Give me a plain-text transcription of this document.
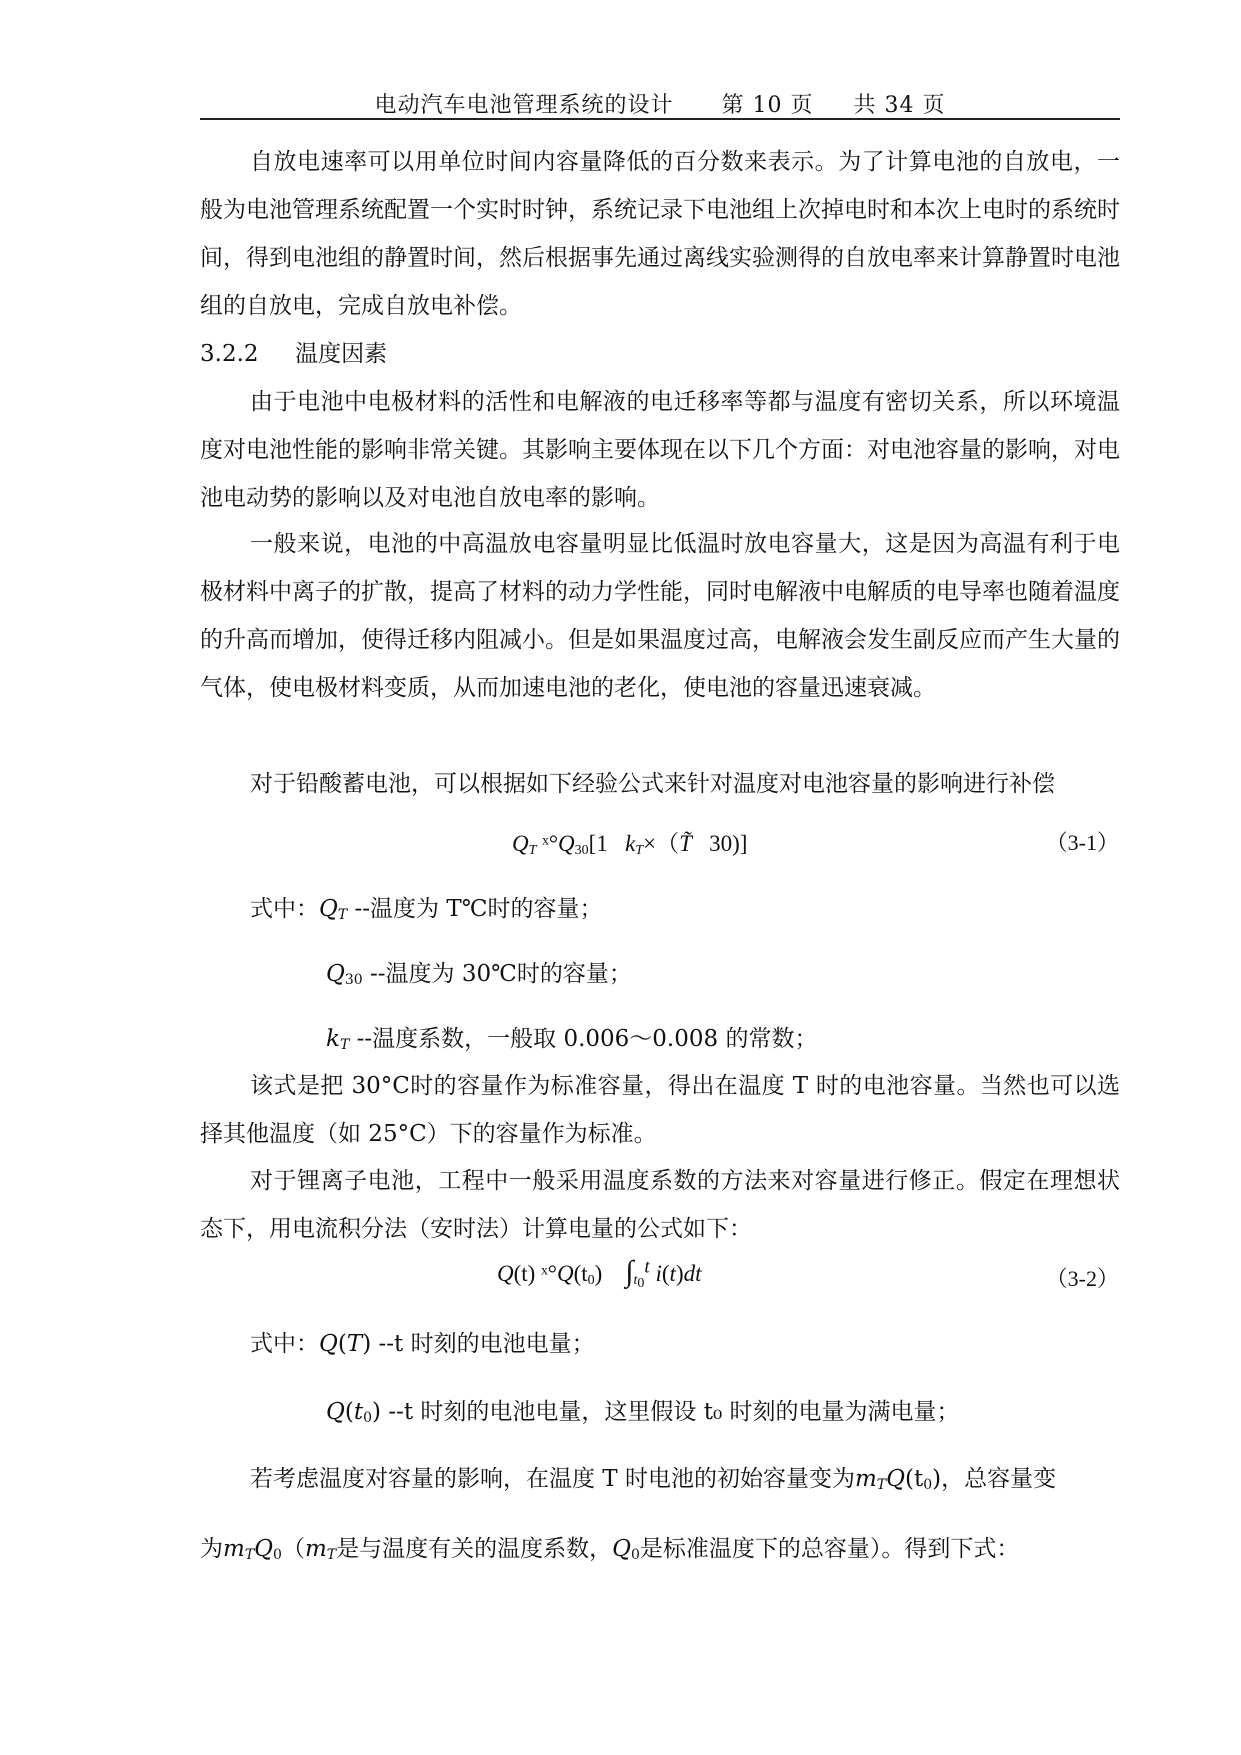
电动汽车电池管理系统的设计 第 10 页 共 34 页
自放电速率可以用单位时间内容量降低的百分数来表示。为了计算电池的自放电，一般为电池管理系统配置一个实时时钟，系统记录下电池组上次掉电时和本次上电时的系统时间，得到电池组的静置时间，然后根据事先通过离线实验测得的自放电率来计算静置时电池组的自放电，完成自放电补偿。
3.2.2 温度因素
由于电池中电极材料的活性和电解液的电迁移率等都与温度有密切关系，所以环境温度对电池性能的影响非常关键。其影响主要体现在以下几个方面：对电池容量的影响，对电池电动势的影响以及对电池自放电率的影响。
一般来说，电池的中高温放电容量明显比低温时放电容量大，这是因为高温有利于电极材料中离子的扩散，提高了材料的动力学性能，同时电解液中电解质的电导率也随着温度的升高而增加，使得迁移内阻减小。但是如果温度过高，电解液会发生副反应而产生大量的气体，使电极材料变质，从而加速电池的老化，使电池的容量迅速衰减。
对于铅酸蓄电池，可以根据如下经验公式来针对温度对电池容量的影响进行补偿
$Q_T$ $ˣ^\circ Q_{30}[1$   $k_T\times(T̃$   30)]	（3-1）
式中：$Q_T$ --温度为 T℃时的容量；
$Q_{30}$ --温度为 30℃时的容量；
$k_T$ --温度系数，一般取 0.006～0.008 的常数；
该式是把 30°C时的容量作为标准容量，得出在温度 T 时的电池容量。当然也可以选择其他温度（如 25°C）下的容量作为标准。
对于锂离子电池，工程中一般采用温度系数的方法来对容量进行修正。假定在理想状态下，用电流积分法（安时法）计算电量的公式如下：
Q(t) $ˣ^\circ Q(t_0)$    $\int_{t_0}^t$ i(t)dt	（3-2）
式中：Q(T) --t 时刻的电池电量；
$Q(t_0)$ --t 时刻的电池电量，这里假设 t₀ 时刻的电量为满电量；
若考虑温度对容量的影响，在温度 T 时电池的初始容量变为$m_TQ(t_0)$，总容量变
为$m_TQ_0(m_T$是与温度有关的温度系数，$Q_0$是标准温度下的总容量）。得到下式：
